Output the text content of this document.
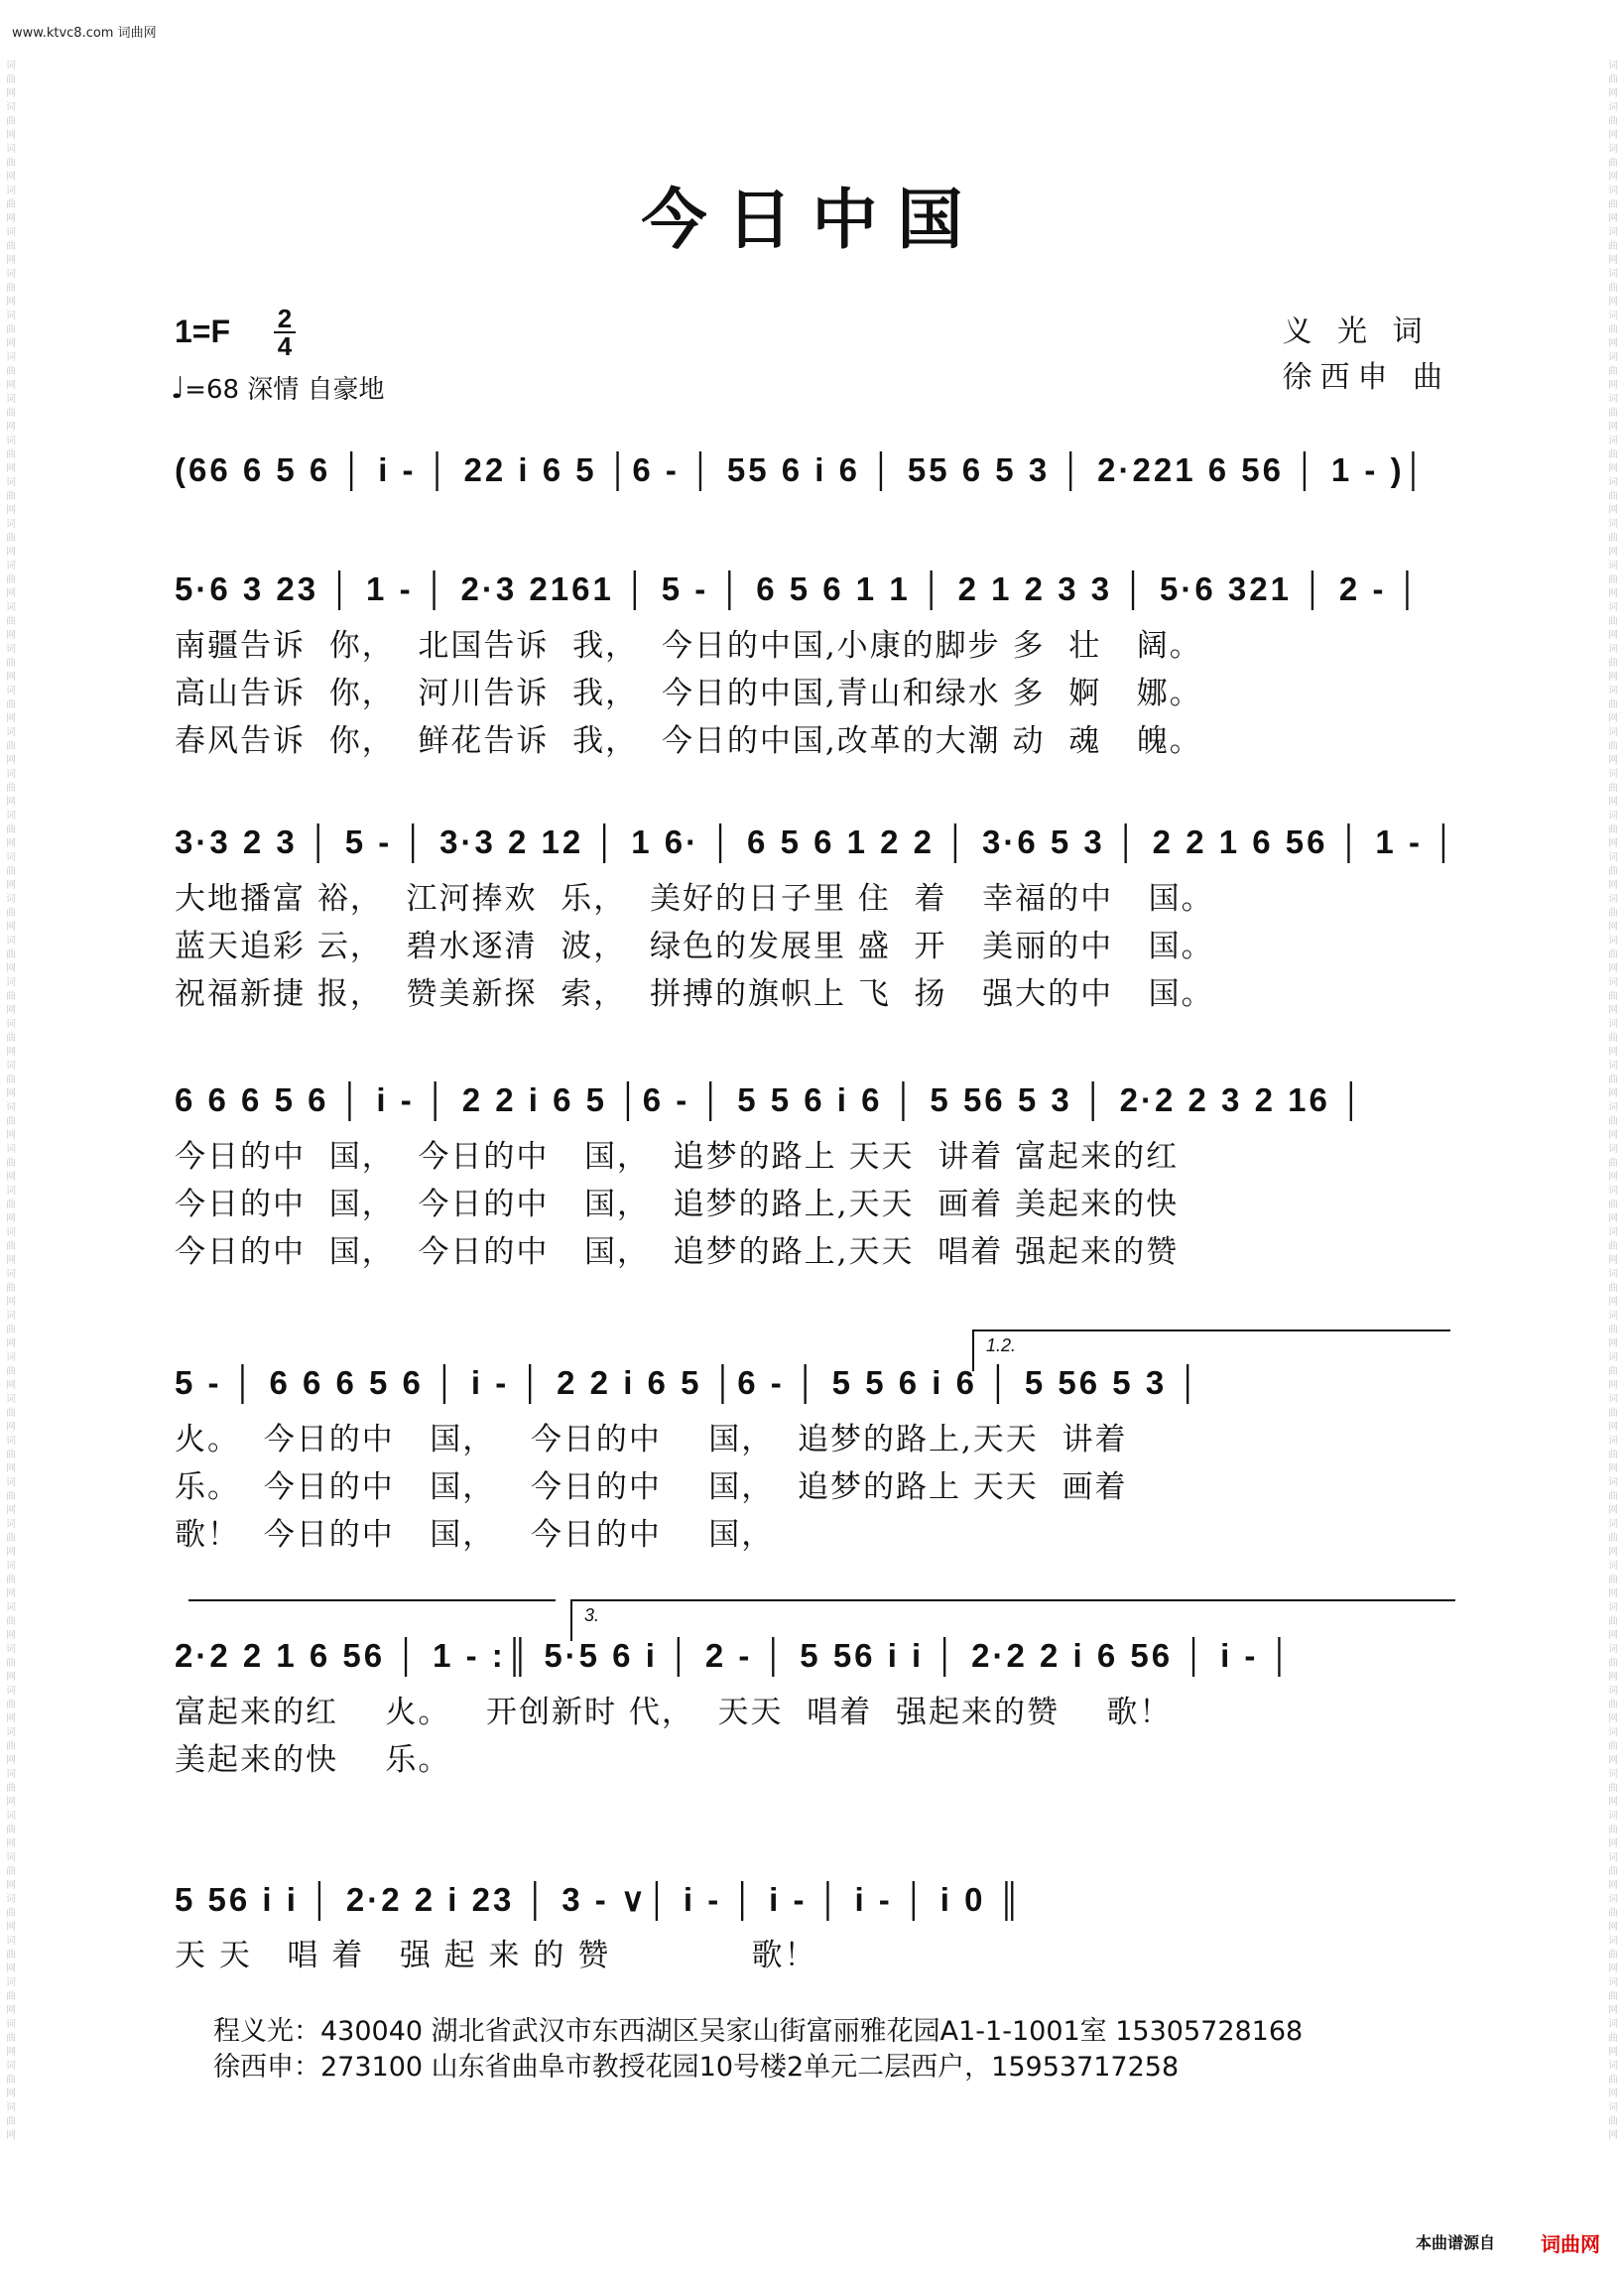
www.ktvc8.com 词曲网
词曲网 词曲网 词曲网 词曲网 词曲网 词曲网 词曲网 词曲网 词曲网 词曲网 词曲网 词曲网 词曲网 词曲网 词曲网 词曲网 词曲网 词曲网 词曲网 词曲网 词曲网 词曲网 词曲网 词曲网 词曲网 词曲网 词曲网 词曲网 词曲网 词曲网 词曲网 词曲网 词曲网 词曲网 词曲网 词曲网 词曲网 词曲网 词曲网 词曲网 词曲网 词曲网 词曲网 词曲网 词曲网 词曲网 词曲网 词曲网 词曲网 词曲网
词曲网 词曲网 词曲网 词曲网 词曲网 词曲网 词曲网 词曲网 词曲网 词曲网 词曲网 词曲网 词曲网 词曲网 词曲网 词曲网 词曲网 词曲网 词曲网 词曲网 词曲网 词曲网 词曲网 词曲网 词曲网 词曲网 词曲网 词曲网 词曲网 词曲网 词曲网 词曲网 词曲网 词曲网 词曲网 词曲网 词曲网 词曲网 词曲网 词曲网 词曲网 词曲网 词曲网 词曲网 词曲网 词曲网 词曲网 词曲网 词曲网 词曲网
今日中国
1=F 2
4
♩=68 深情 自豪地
义 光 词
徐西申 曲
(66 6 5 6 │ i - │ 22 i 6 5 │6 - │ 55 6 i 6 │ 55 6 5 3 │ 2·221 6 56 │ 1 - )│
5·6 3 23 │ 1 - │ 2·3 2161 │ 5 - │ 6 5 6 1 1 │ 2 1 2 3 3 │ 5·6 321 │ 2 - │
南疆告诉  你，  北国告诉  我，  今日的中国,小康的脚步 多  壮   阔。
高山告诉  你，  河川告诉  我，  今日的中国,青山和绿水 多  婀   娜。
春风告诉  你，  鲜花告诉  我，  今日的中国,改革的大潮 动  魂   魄。
3·3 2 3 │ 5 - │ 3·3 2 12 │ 1 6· │ 6 5 6 1 2 2 │ 3·6 5 3 │ 2 2 1 6 56 │ 1 - │
大地播富 裕，  江河捧欢  乐，  美好的日子里 住  着   幸福的中   国。
蓝天追彩 云，  碧水逐清  波，  绿色的发展里 盛  开   美丽的中   国。
祝福新捷 报，  赞美新探  索，  拼搏的旗帜上 飞  扬   强大的中   国。
6 6 6 5 6 │ i - │ 2 2 i 6 5 │6 - │ 5 5 6 i 6 │ 5 56 5 3 │ 2·2 2 3 2 16 │
今日的中  国，  今日的中   国，  追梦的路上 天天  讲着 富起来的红
今日的中  国，  今日的中   国，  追梦的路上,天天  画着 美起来的快
今日的中  国，  今日的中   国，  追梦的路上,天天  唱着 强起来的赞
1.2.
5 - │ 6 6 6 5 6 │ i - │ 2 2 i 6 5 │6 - │ 5 5 6 i 6 │ 5 56 5 3 │
火。  今日的中   国，   今日的中    国，  追梦的路上,天天  讲着
乐。  今日的中   国，   今日的中    国，  追梦的路上 天天  画着
歌！  今日的中   国，   今日的中    国，
3.
2·2 2 1 6 56 │ 1 - :║ 5·5 6 i │ 2 - │ 5 56 i i │ 2·2 2 i 6 56 │ i - │
富起来的红    火。   开创新时 代，  天天  唱着  强起来的赞    歌！
美起来的快    乐。
5 56 i i │ 2·2 2 i 23 │ 3 - ∨│ i - │ i - │ i - │ i 0 ║
天 天   唱 着   强 起 来 的 赞            歌！
程义光：430040 湖北省武汉市东西湖区吴家山街富丽雅花园A1-1-1001室 15305728168
徐西申：273100 山东省曲阜市教授花园10号楼2单元二层西户，15953717258
本曲谱源自 词曲网
